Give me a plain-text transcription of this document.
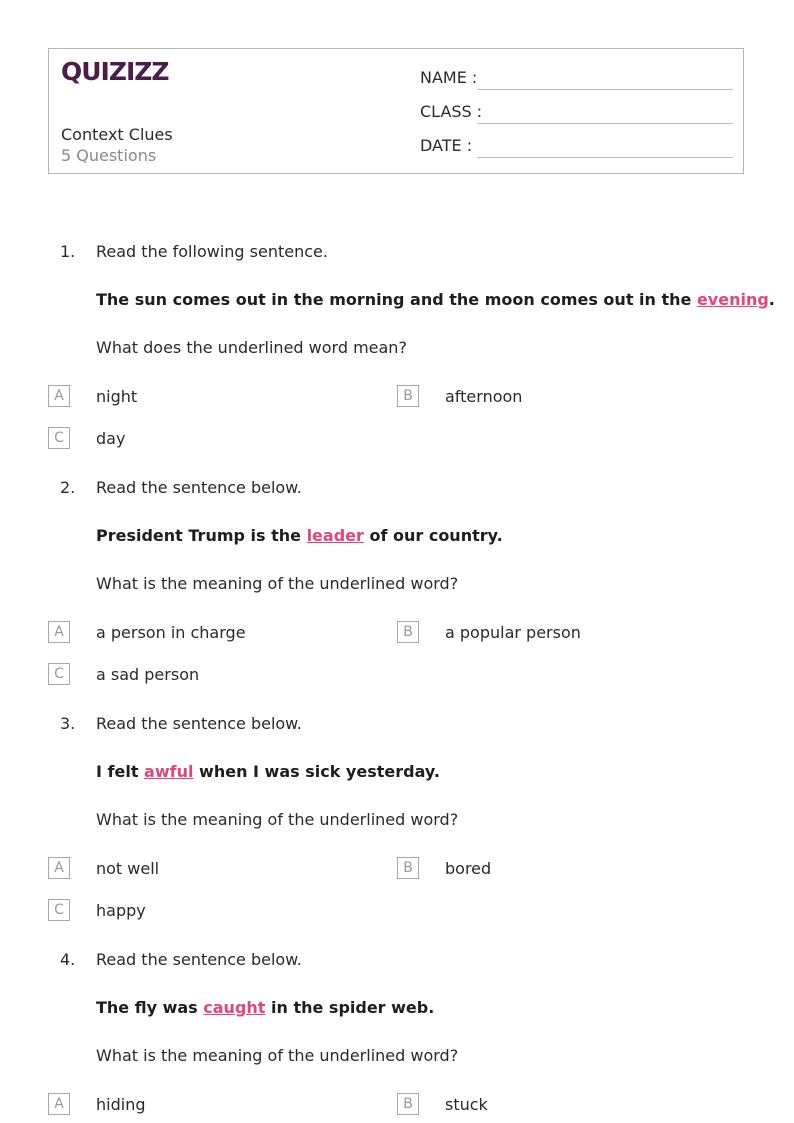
QUIZIZZ
Context Clues
5 Questions
NAME :
CLASS :
DATE :
1. Read the following sentence.
The sun comes out in the morning and the moon comes out in the evening.
What does the underlined word mean?
A	night	B	afternoon
C	day
2. Read the sentence below.
President Trump is the leader of our country.
What is the meaning of the underlined word?
A	a person in charge	B	a popular person
C	a sad person
3. Read the sentence below.
I felt awful when I was sick yesterday.
What is the meaning of the underlined word?
A	not well	B	bored
C	happy
4. Read the sentence below.
The fly was caught in the spider web.
What is the meaning of the underlined word?
A	hiding	B	stuck
